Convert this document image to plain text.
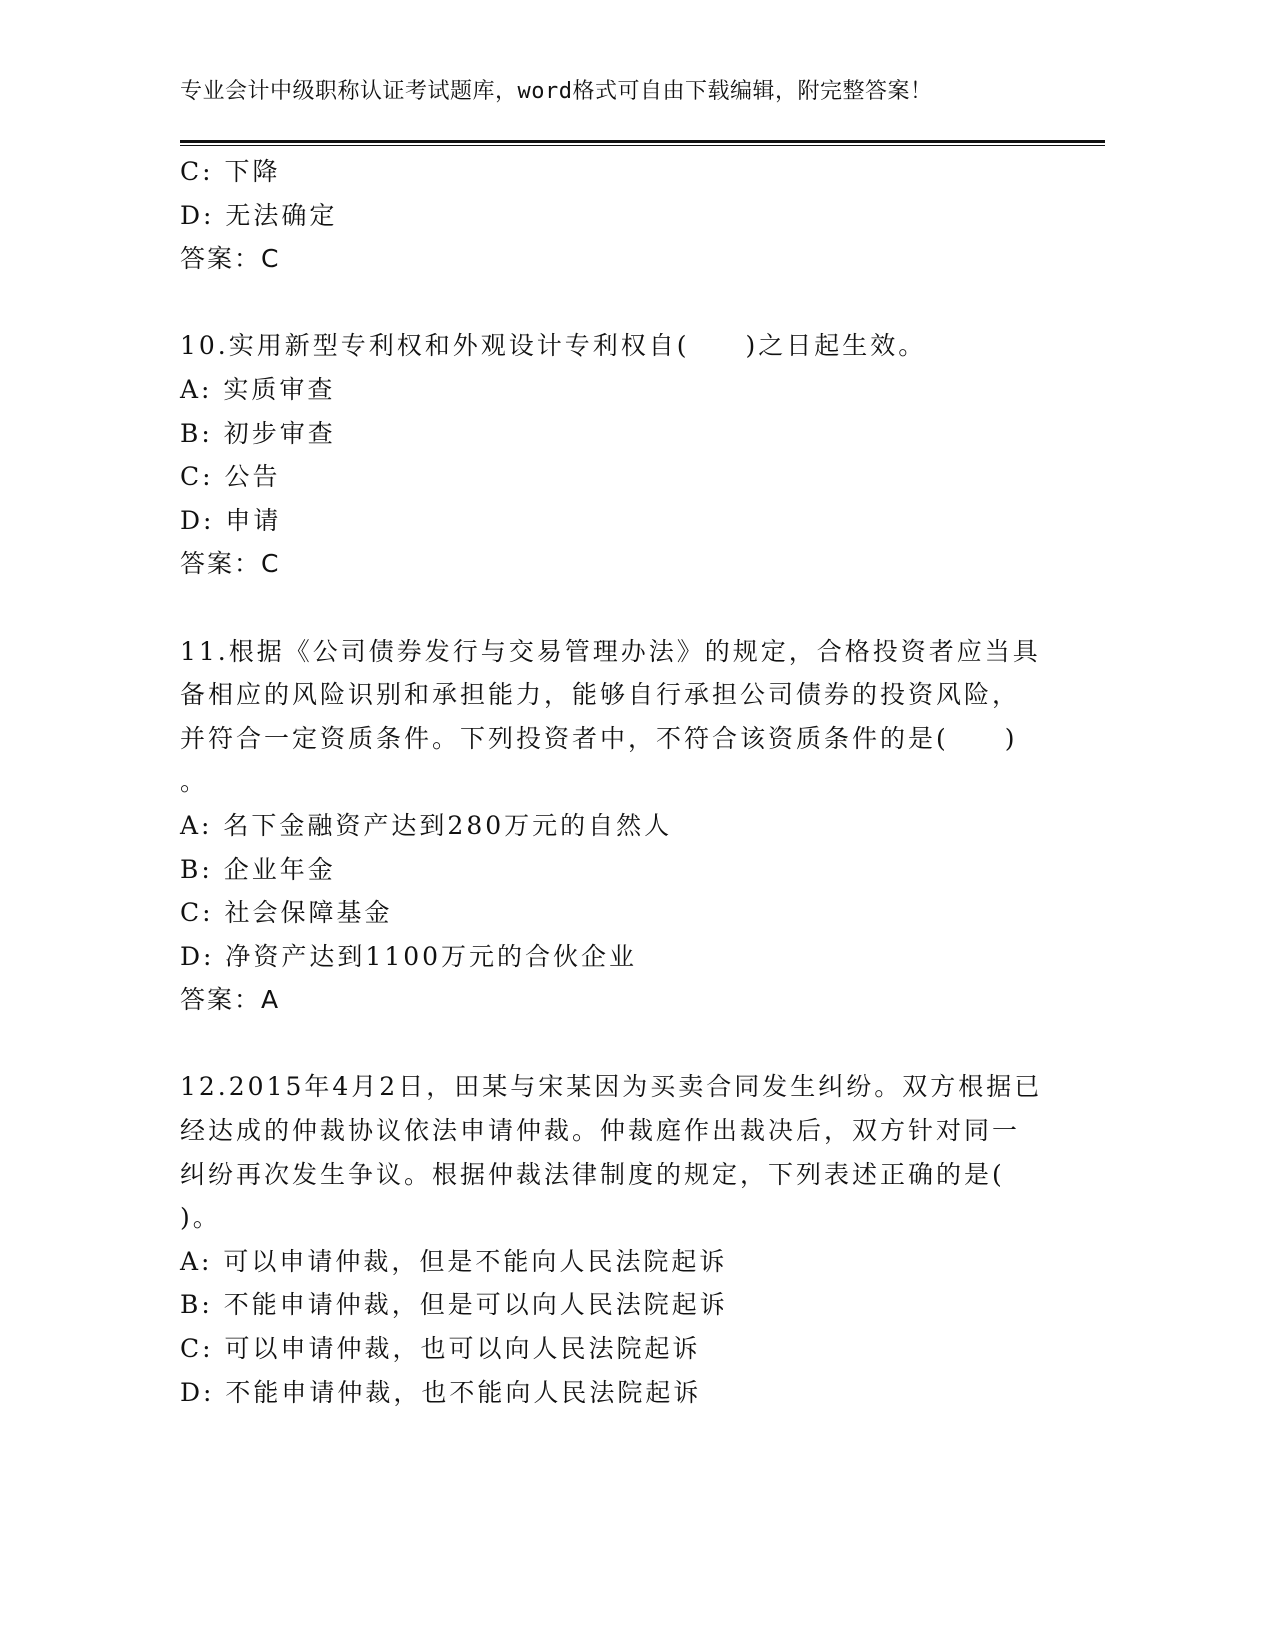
专业会计中级职称认证考试题库，word格式可自由下载编辑，附完整答案！
C: 下降
D: 无法确定
答案：C
10.实用新型专利权和外观设计专利权自(　　)之日起生效。
A: 实质审查
B: 初步审查
C: 公告
D: 申请
答案：C
11.根据《公司债券发行与交易管理办法》的规定，合格投资者应当具
备相应的风险识别和承担能力，能够自行承担公司债券的投资风险，
并符合一定资质条件。下列投资者中，不符合该资质条件的是(　　)
。
A: 名下金融资产达到280万元的自然人
B: 企业年金
C: 社会保障基金
D: 净资产达到1100万元的合伙企业
答案：A
12.2015年4月2日，田某与宋某因为买卖合同发生纠纷。双方根据已
经达成的仲裁协议依法申请仲裁。仲裁庭作出裁决后，双方针对同一
纠纷再次发生争议。根据仲裁法律制度的规定，下列表述正确的是(
)。
A: 可以申请仲裁，但是不能向人民法院起诉
B: 不能申请仲裁，但是可以向人民法院起诉
C: 可以申请仲裁，也可以向人民法院起诉
D: 不能申请仲裁，也不能向人民法院起诉
